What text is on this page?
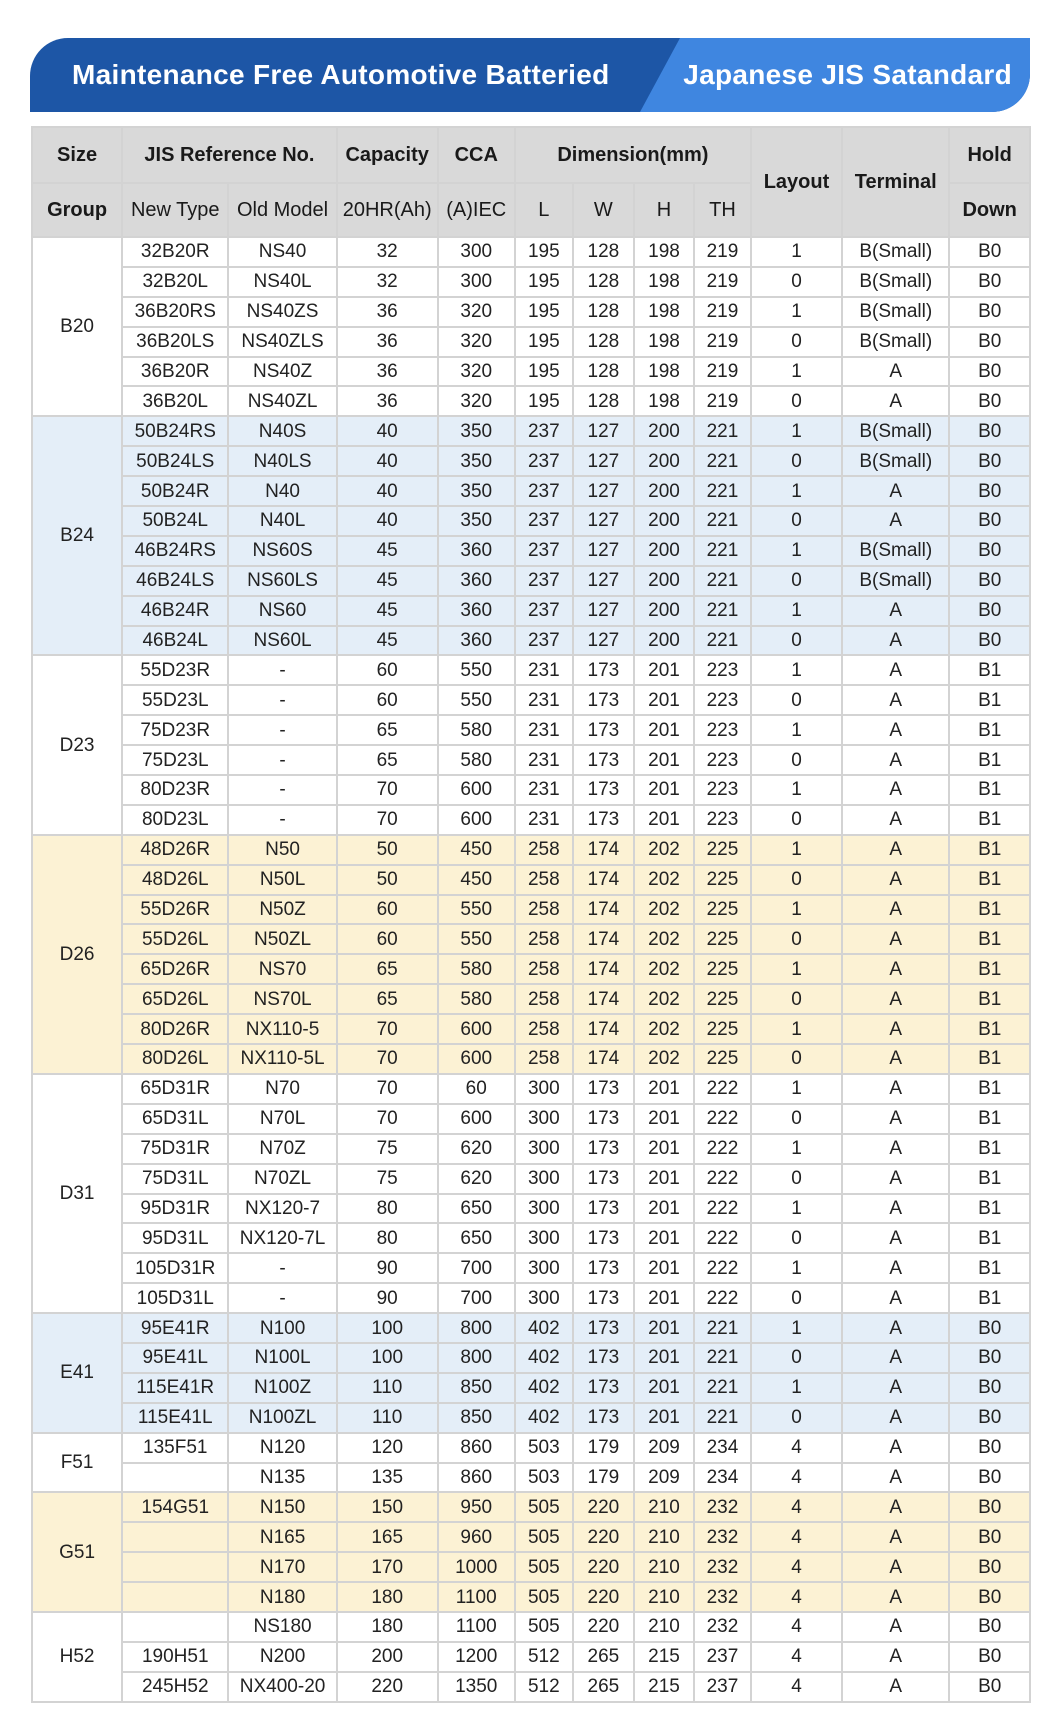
Maintenance Free Automotive Batteried	Japanese JIS Satandard
Size	JIS Reference No.		Capacity	CCA	Dimension(mm)				Layout	Terminal	Hold
Group	New Type	Old Model	20HR(Ah)	(A)IEC	L	W	H	TH			Down
B20	32B20R	NS40	32	300	195	128	198	219	1	B(Small)	B0
	32B20L	NS40L	32	300	195	128	198	219	0	B(Small)	B0
	36B20RS	NS40ZS	36	320	195	128	198	219	1	B(Small)	B0
	36B20LS	NS40ZLS	36	320	195	128	198	219	0	B(Small)	B0
	36B20R	NS40Z	36	320	195	128	198	219	1	A	B0
	36B20L	NS40ZL	36	320	195	128	198	219	0	A	B0
B24	50B24RS	N40S	40	350	237	127	200	221	1	B(Small)	B0
	50B24LS	N40LS	40	350	237	127	200	221	0	B(Small)	B0
	50B24R	N40	40	350	237	127	200	221	1	A	B0
	50B24L	N40L	40	350	237	127	200	221	0	A	B0
	46B24RS	NS60S	45	360	237	127	200	221	1	B(Small)	B0
	46B24LS	NS60LS	45	360	237	127	200	221	0	B(Small)	B0
	46B24R	NS60	45	360	237	127	200	221	1	A	B0
	46B24L	NS60L	45	360	237	127	200	221	0	A	B0
D23	55D23R	-	60	550	231	173	201	223	1	A	B1
	55D23L	-	60	550	231	173	201	223	0	A	B1
	75D23R	-	65	580	231	173	201	223	1	A	B1
	75D23L	-	65	580	231	173	201	223	0	A	B1
	80D23R	-	70	600	231	173	201	223	1	A	B1
	80D23L	-	70	600	231	173	201	223	0	A	B1
D26	48D26R	N50	50	450	258	174	202	225	1	A	B1
	48D26L	N50L	50	450	258	174	202	225	0	A	B1
	55D26R	N50Z	60	550	258	174	202	225	1	A	B1
	55D26L	N50ZL	60	550	258	174	202	225	0	A	B1
	65D26R	NS70	65	580	258	174	202	225	1	A	B1
	65D26L	NS70L	65	580	258	174	202	225	0	A	B1
	80D26R	NX110-5	70	600	258	174	202	225	1	A	B1
	80D26L	NX110-5L	70	600	258	174	202	225	0	A	B1
D31	65D31R	N70	70	60	300	173	201	222	1	A	B1
	65D31L	N70L	70	600	300	173	201	222	0	A	B1
	75D31R	N70Z	75	620	300	173	201	222	1	A	B1
	75D31L	N70ZL	75	620	300	173	201	222	0	A	B1
	95D31R	NX120-7	80	650	300	173	201	222	1	A	B1
	95D31L	NX120-7L	80	650	300	173	201	222	0	A	B1
	105D31R	-	90	700	300	173	201	222	1	A	B1
	105D31L	-	90	700	300	173	201	222	0	A	B1
E41	95E41R	N100	100	800	402	173	201	221	1	A	B0
	95E41L	N100L	100	800	402	173	201	221	0	A	B0
	115E41R	N100Z	110	850	402	173	201	221	1	A	B0
	115E41L	N100ZL	110	850	402	173	201	221	0	A	B0
F51	135F51	N120	120	860	503	179	209	234	4	A	B0
		N135	135	860	503	179	209	234	4	A	B0
G51	154G51	N150	150	950	505	220	210	232	4	A	B0
		N165	165	960	505	220	210	232	4	A	B0
		N170	170	1000	505	220	210	232	4	A	B0
		N180	180	1100	505	220	210	232	4	A	B0
H52		NS180	180	1100	505	220	210	232	4	A	B0
	190H51	N200	200	1200	512	265	215	237	4	A	B0
	245H52	NX400-20	220	1350	512	265	215	237	4	A	B0
